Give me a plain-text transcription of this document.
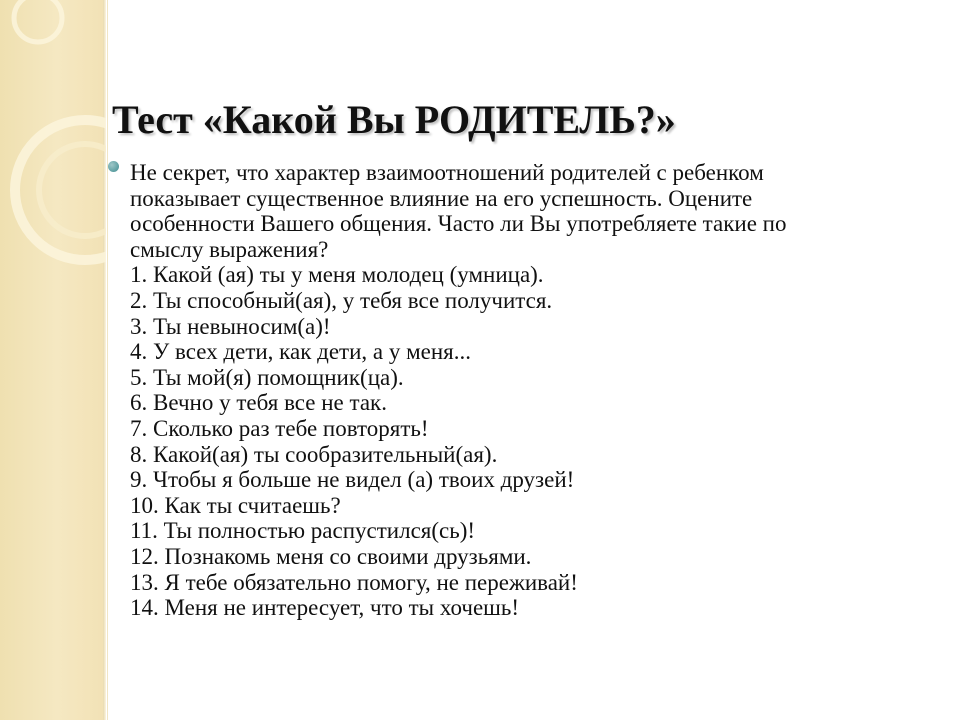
Тест «Какой Вы РОДИТЕЛЬ?»
Не секрет, что характер взаимоотношений родителей с ребенком
показывает существенное влияние на его успешность. Оцените
особенности Вашего общения. Часто ли Вы употребляете такие по
смыслу выражения?
1. Какой (ая) ты у меня молодец (умница).
2. Ты способный(ая), у тебя все получится.
3. Ты невыносим(а)!
4. У всех дети, как дети, а у меня...
5. Ты мой(я) помощник(ца).
6. Вечно у тебя все не так.
7. Сколько раз тебе повторять!
8. Какой(ая) ты сообразительный(ая).
9. Чтобы я больше не видел (а) твоих друзей!
10. Как ты считаешь?
11. Ты полностью распустился(сь)!
12. Познакомь меня со своими друзьями.
13. Я тебе обязательно помогу, не переживай!
14. Меня не интересует, что ты хочешь!
